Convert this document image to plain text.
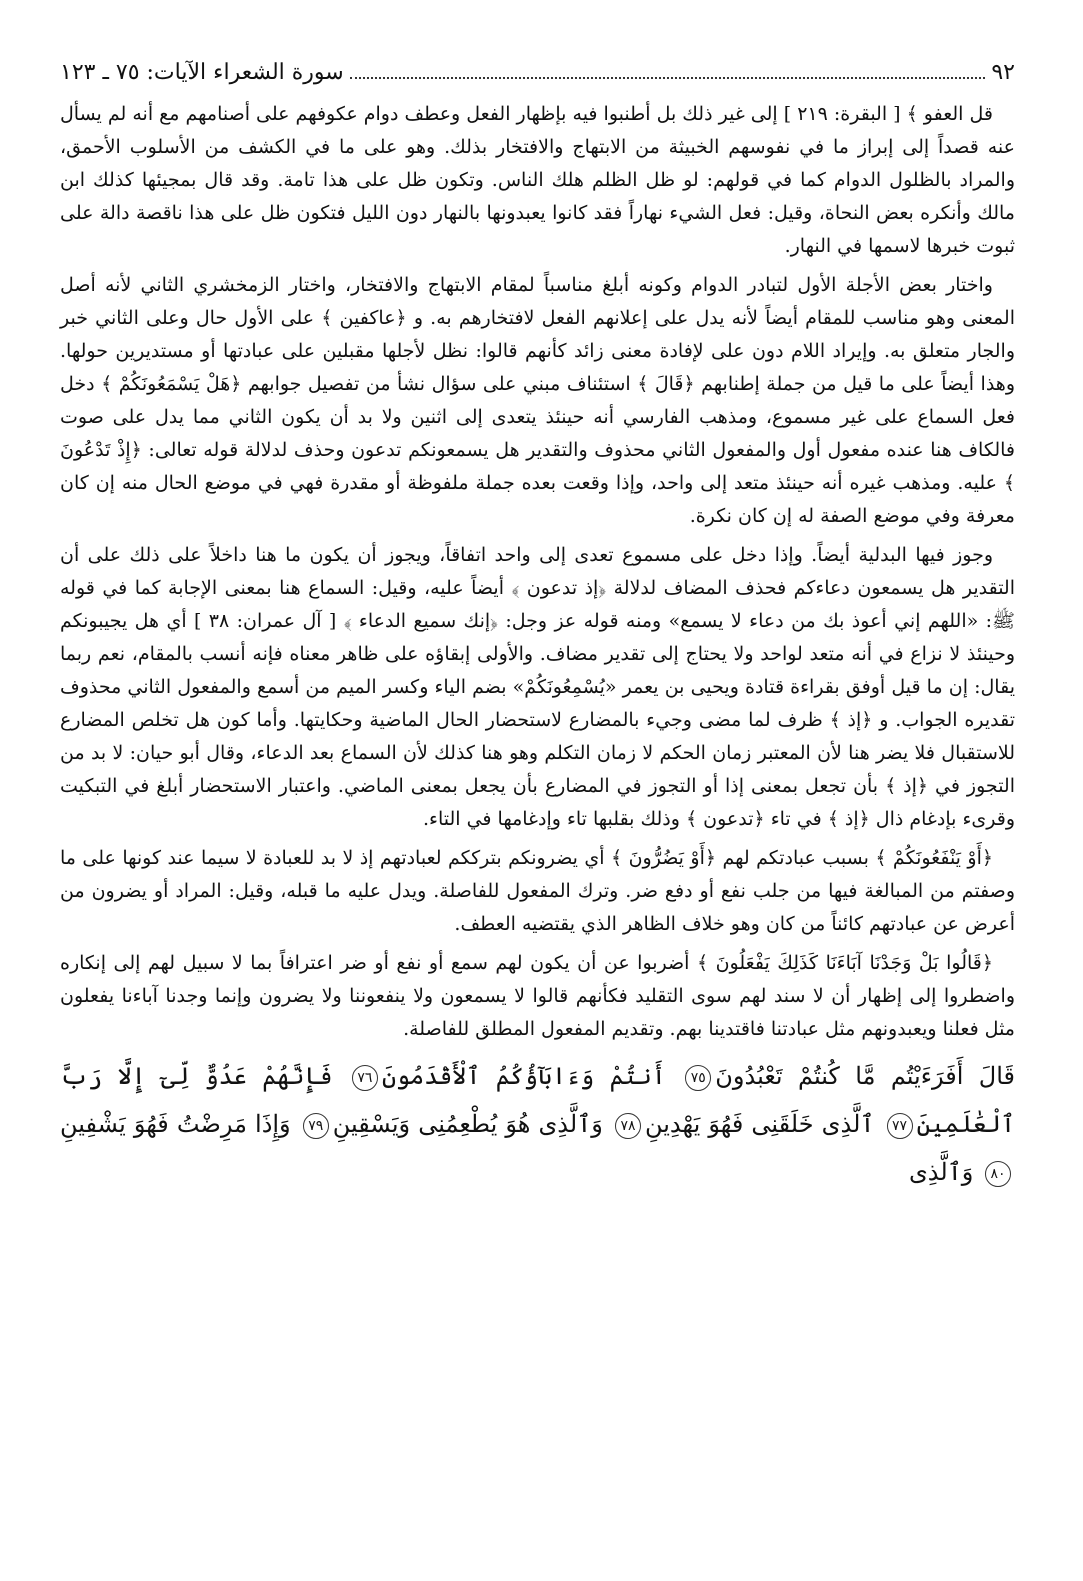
٩٢
سورة الشعراء الآيات: ٧٥ ـ ١٢٣

قل العفو ﴾ [ البقرة: ٢١٩ ] إلى غير ذلك بل أطنبوا فيه بإظهار الفعل وعطف دوام عكوفهم على أصنامهم مع أنه لم يسأل عنه قصداً إلى إبراز ما في نفوسهم الخبيثة من الابتهاج والافتخار بذلك. وهو على ما في الكشف من الأسلوب الأحمق، والمراد بالظلول الدوام كما في قولهم: لو ظل الظلم هلك الناس. وتكون ظل على هذا تامة. وقد قال بمجيئها كذلك ابن مالك وأنكره بعض النحاة، وقيل: فعل الشيء نهاراً فقد كانوا يعبدونها بالنهار دون الليل فتكون ظل على هذا ناقصة دالة على ثبوت خبرها لاسمها في النهار.

واختار بعض الأجلة الأول لتبادر الدوام وكونه أبلغ مناسباً لمقام الابتهاج والافتخار، واختار الزمخشري الثاني لأنه أصل المعنى وهو مناسب للمقام أيضاً لأنه يدل على إعلانهم الفعل لافتخارهم به. و ﴿عاكفين ﴾ على الأول حال وعلى الثاني خبر والجار متعلق به. وإيراد اللام دون على لإفادة معنى زائد كأنهم قالوا: نظل لأجلها مقبلين على عبادتها أو مستديرين حولها. وهذا أيضاً على ما قيل من جملة إطنابهم ﴿قَالَ ﴾ استئناف مبني على سؤال نشأ من تفصيل جوابهم ﴿هَلْ يَسْمَعُونَكُمْ ﴾ دخل فعل السماع على غير مسموع، ومذهب الفارسي أنه حينئذ يتعدى إلى اثنين ولا بد أن يكون الثاني مما يدل على صوت فالكاف هنا عنده مفعول أول والمفعول الثاني محذوف والتقدير هل يسمعونكم تدعون وحذف لدلالة قوله تعالى: ﴿إِذْ تَدْعُونَ ﴾ عليه. ومذهب غيره أنه حينئذ متعد إلى واحد، وإذا وقعت بعده جملة ملفوظة أو مقدرة فهي في موضع الحال منه إن كان معرفة وفي موضع الصفة له إن كان نكرة.

وجوز فيها البدلية أيضاً. وإذا دخل على مسموع تعدى إلى واحد اتفاقاً، ويجوز أن يكون ما هنا داخلاً على ذلك على أن التقدير هل يسمعون دعاءكم فحذف المضاف لدلالة ﴿إذ تدعون ﴾ أيضاً عليه، وقيل: السماع هنا بمعنى الإجابة كما في قوله ﷺ: «اللهم إني أعوذ بك من دعاء لا يسمع» ومنه قوله عز وجل: ﴿إنك سميع الدعاء ﴾ [ آل عمران: ٣٨ ] أي هل يجيبونكم وحينئذ لا نزاع في أنه متعد لواحد ولا يحتاج إلى تقدير مضاف. والأولى إبقاؤه على ظاهر معناه فإنه أنسب بالمقام، نعم ربما يقال: إن ما قيل أوفق بقراءة قتادة ويحيى بن يعمر «يُسْمِعُونَكُمْ» بضم الياء وكسر الميم من أسمع والمفعول الثاني محذوف تقديره الجواب. و ﴿إذ ﴾ ظرف لما مضى وجيء بالمضارع لاستحضار الحال الماضية وحكايتها. وأما كون هل تخلص المضارع للاستقبال فلا يضر هنا لأن المعتبر زمان الحكم لا زمان التكلم وهو هنا كذلك لأن السماع بعد الدعاء، وقال أبو حيان: لا بد من التجوز في ﴿إذ ﴾ بأن تجعل بمعنى إذا أو التجوز في المضارع بأن يجعل بمعنى الماضي. واعتبار الاستحضار أبلغ في التبكيت وقرىء بإدغام ذال ﴿إذ ﴾ في تاء ﴿تدعون ﴾ وذلك بقلبها تاء وإدغامها في التاء.

﴿أَوْ يَنْفَعُونَكُمْ ﴾ بسبب عبادتكم لهم ﴿أَوْ يَضُرُّونَ ﴾ أي يضرونكم بترككم لعبادتهم إذ لا بد للعبادة لا سيما عند كونها على ما وصفتم من المبالغة فيها من جلب نفع أو دفع ضر. وترك المفعول للفاصلة. ويدل عليه ما قبله، وقيل: المراد أو يضرون من أعرض عن عبادتهم كائناً من كان وهو خلاف الظاهر الذي يقتضيه العطف.

﴿قَالُوا بَلْ وَجَدْنَا آبَاءَنَا كَذَلِكَ يَفْعَلُونَ ﴾ أضربوا عن أن يكون لهم سمع أو نفع أو ضر اعترافاً بما لا سبيل لهم إلى إنكاره واضطروا إلى إظهار أن لا سند لهم سوى التقليد فكأنهم قالوا لا يسمعون ولا ينفعوننا ولا يضرون وإنما وجدنا آباءنا يفعلون مثل فعلنا ويعبدونهم مثل عبادتنا فاقتدينا بهم. وتقديم المفعول المطلق للفاصلة.

قَالَ أَفَرَءَيْتُم مَّا كُنتُمْ تَعْبُدُونَ٧٥ أَنتُمْ وَءَابَآؤُكُمُ ٱلْأَقْدَمُونَ٧٦ فَإِنَّهُمْ عَدُوٌّ لِّىٓ إِلَّا رَبَّ ٱلْعَٰلَمِينَ٧٧ ٱلَّذِى خَلَقَنِى فَهُوَ يَهْدِينِ٧٨ وَٱلَّذِى هُوَ يُطْعِمُنِى وَيَسْقِينِ٧٩ وَإِذَا مَرِضْتُ فَهُوَ يَشْفِينِ٨٠ وَٱلَّذِى
